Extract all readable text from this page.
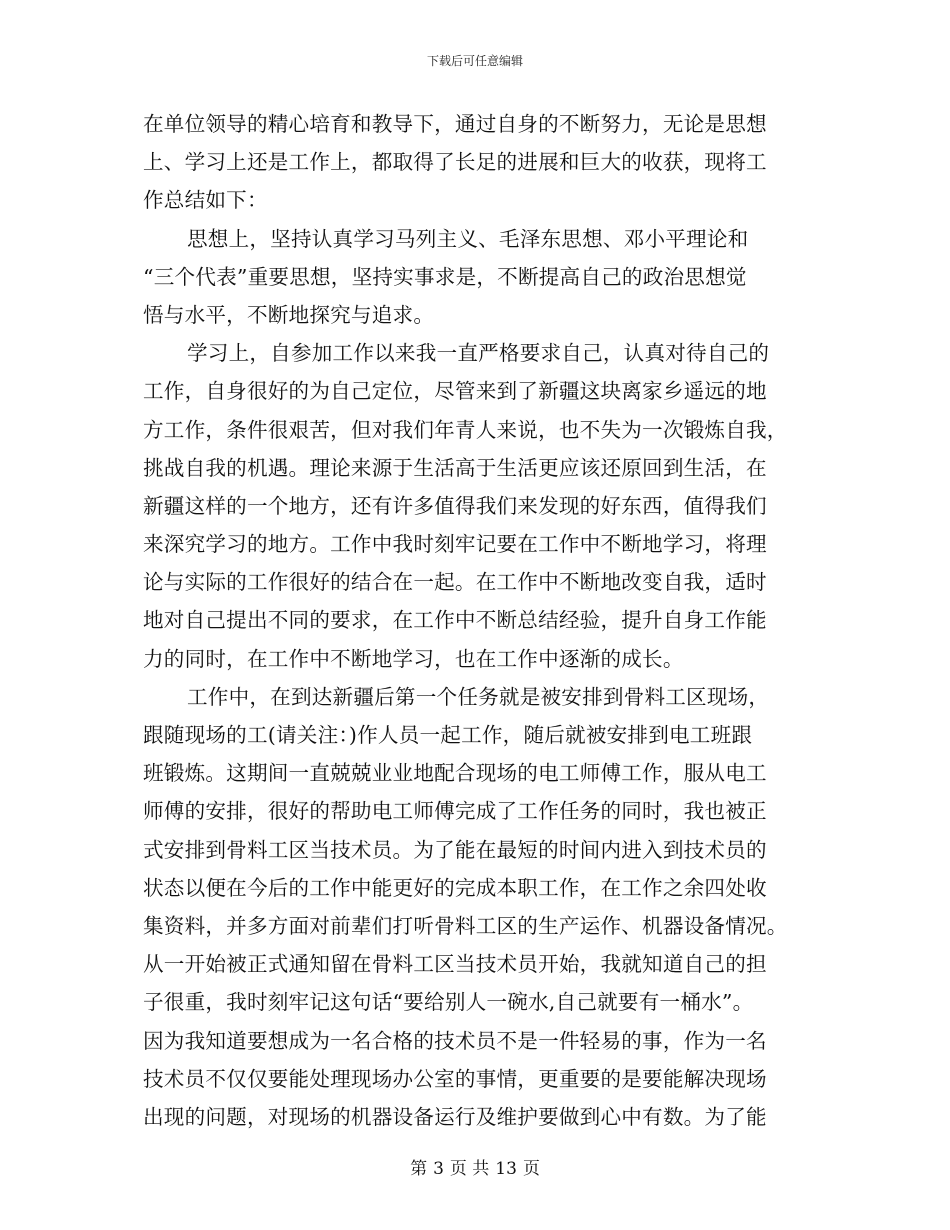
下载后可任意编辑
在单位领导的精心培育和教导下，通过自身的不断努力，无论是思想
上、学习上还是工作上，都取得了长足的进展和巨大的收获，现将工
作总结如下：
思想上，坚持认真学习马列主义、毛泽东思想、邓小平理论和
“三个代表”重要思想，坚持实事求是，不断提高自己的政治思想觉
悟与水平，不断地探究与追求。
学习上，自参加工作以来我一直严格要求自己，认真对待自己的
工作，自身很好的为自己定位，尽管来到了新疆这块离家乡遥远的地
方工作，条件很艰苦，但对我们年青人来说，也不失为一次锻炼自我，
挑战自我的机遇。理论来源于生活高于生活更应该还原回到生活，在
新疆这样的一个地方，还有许多值得我们来发现的好东西，值得我们
来深究学习的地方。工作中我时刻牢记要在工作中不断地学习，将理
论与实际的工作很好的结合在一起。在工作中不断地改变自我，适时
地对自己提出不同的要求，在工作中不断总结经验，提升自身工作能
力的同时，在工作中不断地学习，也在工作中逐渐的成长。
工作中，在到达新疆后第一个任务就是被安排到骨料工区现场，
跟随现场的工(请关注：)作人员一起工作，随后就被安排到电工班跟
班锻炼。这期间一直兢兢业业地配合现场的电工师傅工作，服从电工
师傅的安排，很好的帮助电工师傅完成了工作任务的同时，我也被正
式安排到骨料工区当技术员。为了能在最短的时间内进入到技术员的
状态以便在今后的工作中能更好的完成本职工作，在工作之余四处收
集资料，并多方面对前辈们打听骨料工区的生产运作、机器设备情况。
从一开始被正式通知留在骨料工区当技术员开始，我就知道自己的担
子很重，我时刻牢记这句话“要给别人一碗水,自己就要有一桶水”。
因为我知道要想成为一名合格的技术员不是一件轻易的事，作为一名
技术员不仅仅要能处理现场办公室的事情，更重要的是要能解决现场
出现的问题，对现场的机器设备运行及维护要做到心中有数。为了能
第 3 页 共 13 页
